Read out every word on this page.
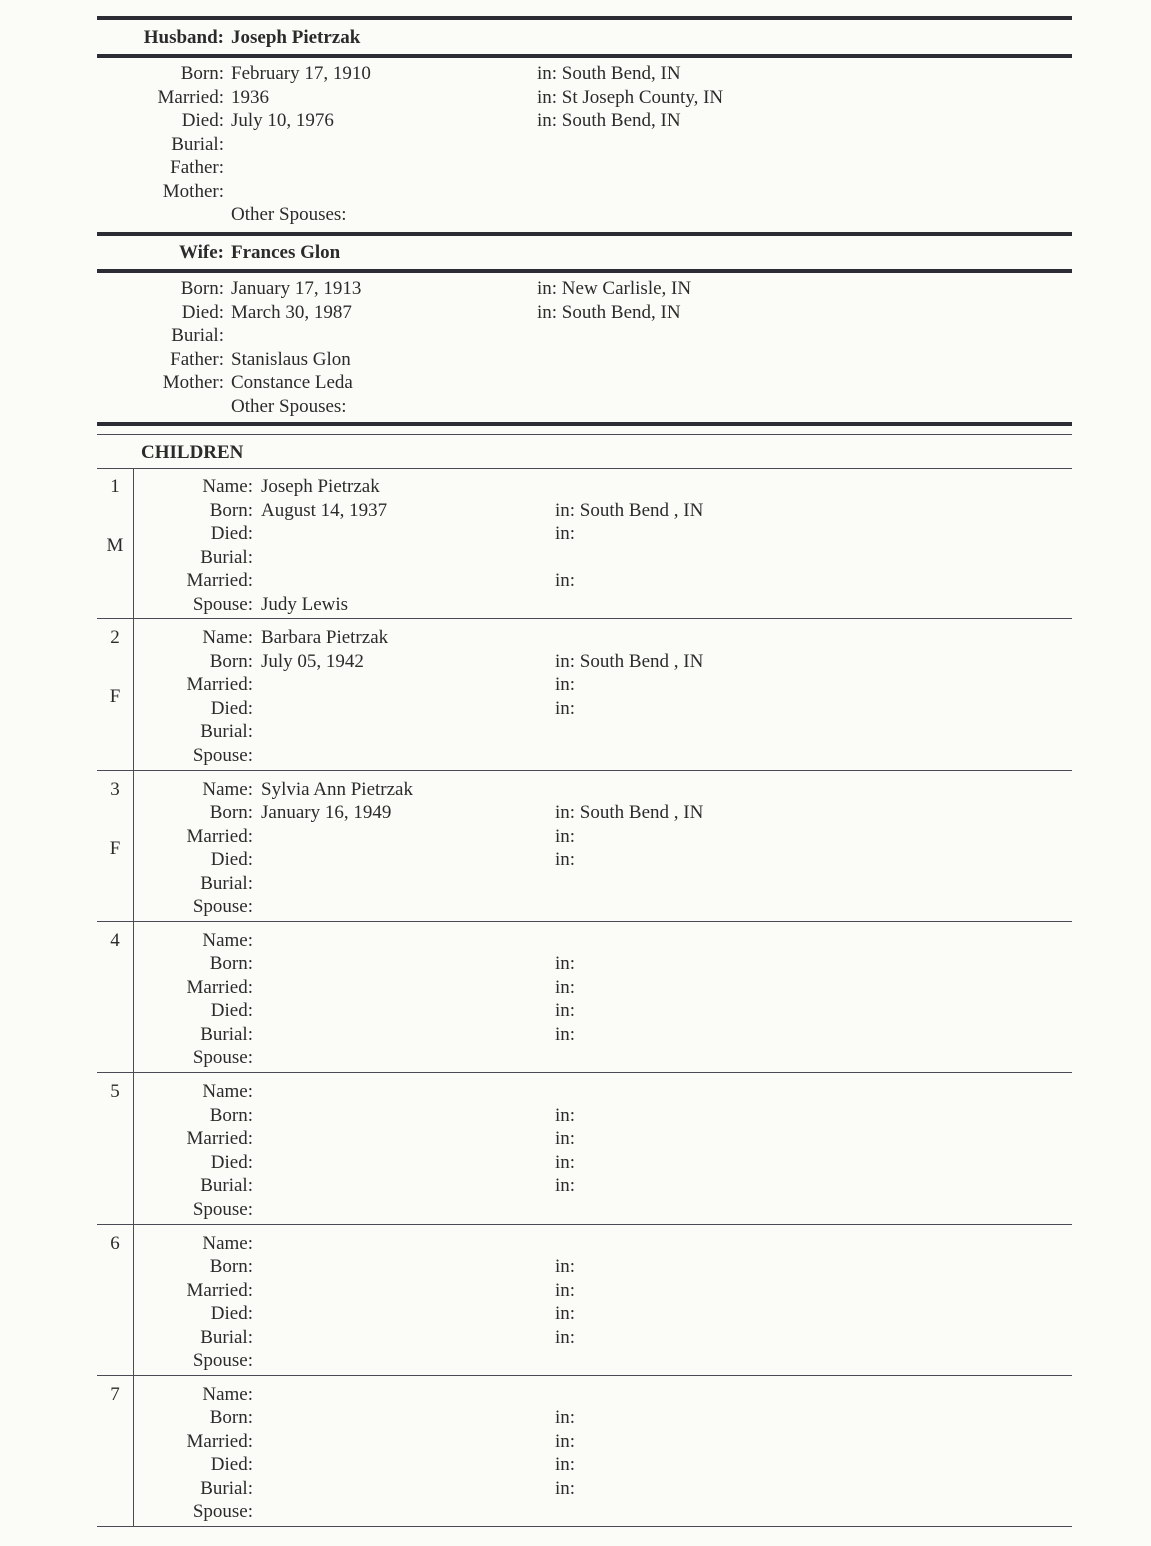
Husband: Joseph Pietrzak
Born: February 17, 1910	in: South Bend, IN
Married: 1936	in: St Joseph County, IN
Died: July 10, 1976	in: South Bend, IN
Burial:
Father:
Mother:
Other Spouses:
Wife: Frances Glon
Born: January 17, 1913	in: New Carlisle, IN
Died: March 30, 1987	in: South Bend, IN
Burial:
Father: Stanislaus Glon
Mother: Constance Leda
Other Spouses:
CHILDREN
1
M
Name: Joseph Pietrzak
Born: August 14, 1937	in: South Bend , IN
Died:	in:
Burial:
Married:	in:
Spouse: Judy Lewis
2
F
Name: Barbara Pietrzak
Born: July 05, 1942	in: South Bend , IN
Married:	in:
Died:	in:
Burial:
Spouse:
3
F
Name: Sylvia Ann Pietrzak
Born: January 16, 1949	in: South Bend , IN
Married:	in:
Died:	in:
Burial:
Spouse:
4	Name:
Born:	in:
Married:	in:
Died:	in:
Burial:	in:
Spouse:
5	Name:
Born:	in:
Married:	in:
Died:	in:
Burial:	in:
Spouse:
6	Name:
Born:	in:
Married:	in:
Died:	in:
Burial:	in:
Spouse:
7	Name:
Born:	in:
Married:	in:
Died:	in:
Burial:	in:
Spouse:
